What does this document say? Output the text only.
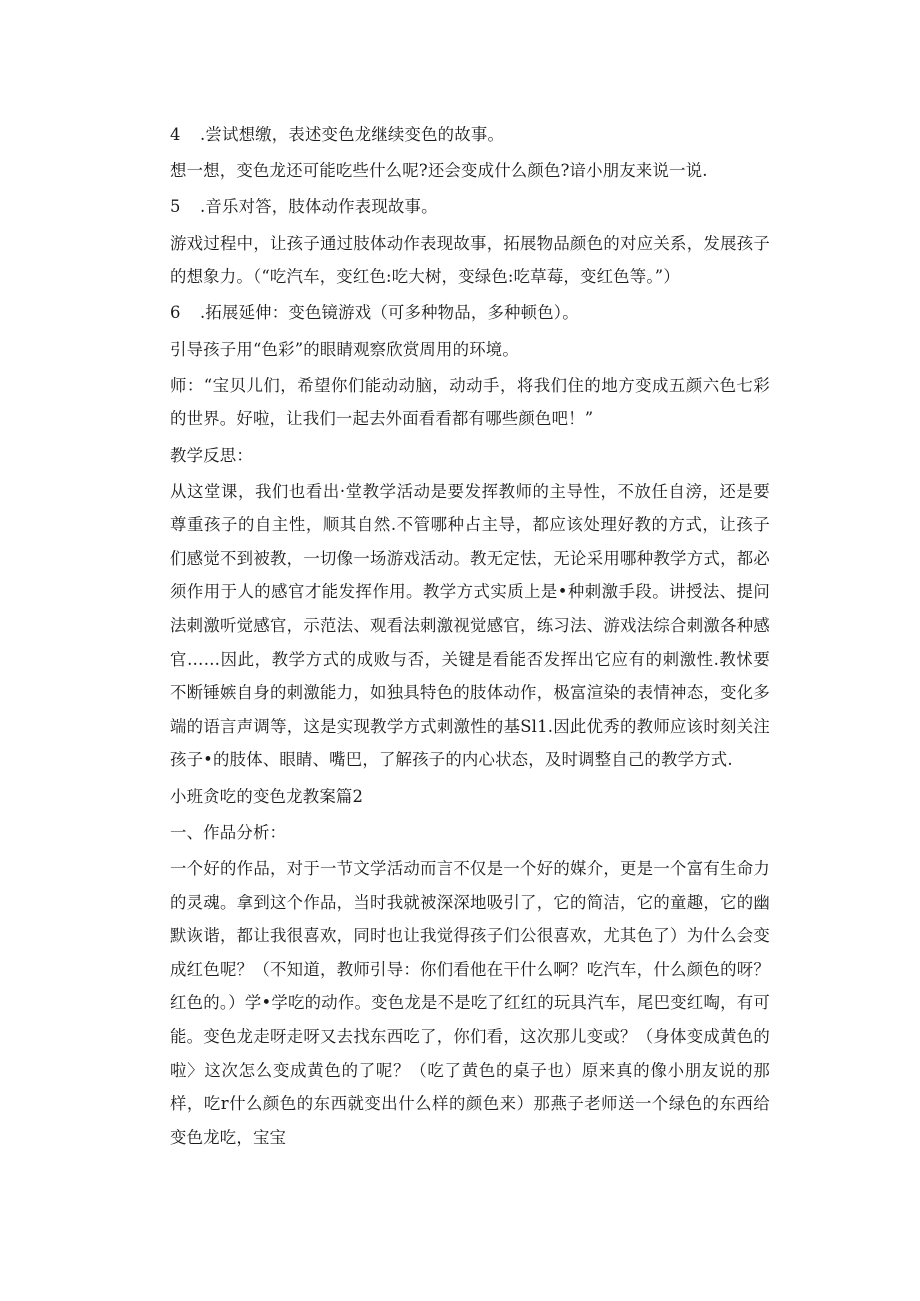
4 .尝试想缴，表述变色龙继续变色的故事。

想一想，变色龙还可能吃些什么呢?还会变成什么颜色?谙小朋友来说一说.

5 .音乐对答，肢体动作表现故事。

游戏过程中，让孩子通过肢体动作表现故事，拓展物品颜色的对应关系，发展孩子的想象力。（“吃汽车，变红色:吃大树，变绿色:吃草莓，变红色等。”）

6 .拓展延伸：变色镜游戏（可多种物品，多种顿色）。

引导孩子用“色彩”的眼睛观察欣赏周用的环境。

师：“宝贝儿们，希望你们能动动脑，动动手，将我们住的地方变成五颜六色七彩的世界。好啦，让我们一起去外面看看都有哪些颜色吧！”

教学反思：

从这堂课，我们也看出·堂教学活动是要发挥教师的主导性，不放任自滂，还是要尊重孩子的自主性，顺其自然.不管哪种占主导，都应该处理好教的方式，让孩子们感觉不到被教，一切像一场游戏活动。教无定怯，无论采用哪种教学方式，都必须作用于人的感官才能发挥作用。教学方式实质上是•种刺激手段。讲授法、提问法刺激听觉感官，示范法、观看法刺激视觉感官，练习法、游戏法综合刺激各种感官……因此，教学方式的成败与否，关键是看能否发挥出它应有的刺激性.教怵要不断锤嫉自身的刺激能力，如独具特色的肢体动作，极富渲染的表情神态，变化多端的语言声调等，这是实现教学方式刺激性的基Sl1.因此优秀的教师应该时刻关注孩子•的肢体、眼睛、嘴巴，了解孩子的内心状态，及时调整自己的教学方式.

小班贪吃的变色龙教案篇2

一、作品分析：

一个好的作品，对于一节文学活动而言不仅是一个好的媒介，更是一个富有生命力的灵魂。拿到这个作品，当时我就被深深地吸引了，它的简洁，它的童趣，它的幽默诙谐，都让我很喜欢，同时也让我觉得孩子们公很喜欢，尤其色了）为什么会变成红色呢？（不知道，教师引导：你们看他在干什么啊？吃汽车，什么颜色的呀？红色的。）学•学吃的动作。变色龙是不是吃了红红的玩具汽车，尾巴变红啕，有可能。变色龙走呀走呀又去找东西吃了，你们看，这次那儿变或？（身体变成黄色的啦〉这次怎么变成黄色的了呢？（吃了黄色的桌子也）原来真的像小朋友说的那样，吃r什么颜色的东西就变出什么样的颜色来）那燕子老师送一个绿色的东西给变色龙吃，宝宝
